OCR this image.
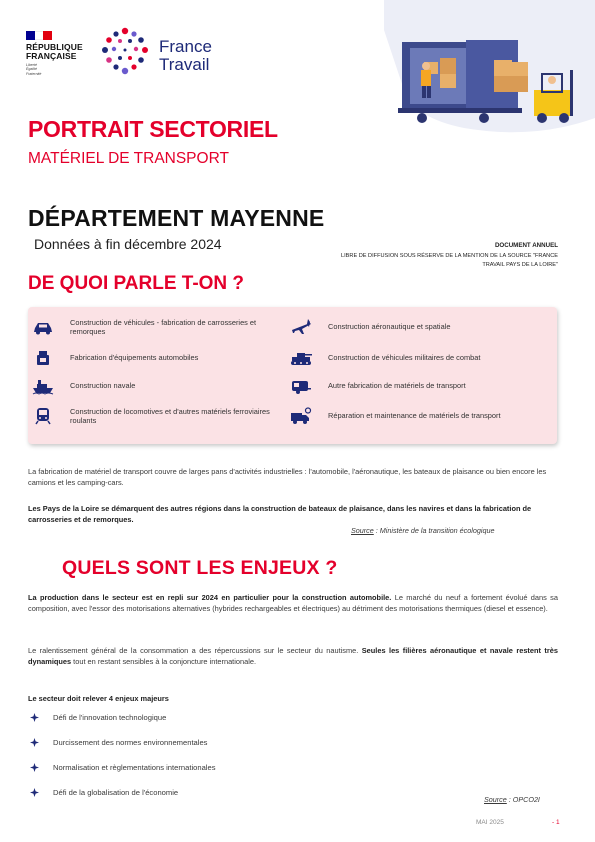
RÉPUBLIQUE
FRANÇAISE
Liberté
Égalité
Fraternité
France
Travail
PORTRAIT SECTORIEL
MATÉRIEL DE TRANSPORT
DÉPARTEMENT MAYENNE
Données à fin décembre 2024	DOCUMENT ANNUEL
LIBRE DE DIFFUSION SOUS RÉSERVE DE LA MENTION DE LA SOURCE "FRANCE TRAVAIL PAYS DE LA LOIRE"
DE QUOI PARLE T-ON ?
Construction de véhicules - fabrication de carrosseries et remorques
Construction aéronautique et spatiale
Fabrication d'équipements automobiles	Construction de véhicules militaires de combat
Construction navale	Autre fabrication de matériels de transport
Construction de locomotives et d'autres matériels ferroviaires roulants
Réparation et maintenance de matériels de transport
La fabrication de matériel de transport couvre de larges pans d'activités industrielles : l'automobile, l'aéronautique, les bateaux de plaisance ou bien encore les camions et les camping-cars.
Les Pays de la Loire se démarquent des autres régions dans la construction de bateaux de plaisance, dans les navires et dans la fabrication de carrosseries et de remorques.
Source : Ministère de la transition écologique
QUELS SONT LES ENJEUX ?
La production dans le secteur est en repli sur 2024 en particulier pour la construction automobile. Le marché du neuf a fortement évolué dans sa composition, avec l'essor des motorisations alternatives (hybrides rechargeables et électriques) au détriment des motorisations thermiques (diesel et essence).
Le ralentissement général de la consommation a des répercussions sur le secteur du nautisme. Seules les filières aéronautique et navale restent très dynamiques tout en restant sensibles à la conjoncture internationale.
Le secteur doit relever 4 enjeux majeurs
Défi de l'innovation technologique
Durcissement des normes environnementales
Normalisation et règlementations internationales
Défi de la globalisation de l'économie
Source : OPCO2I
MAI 2025	- 1
